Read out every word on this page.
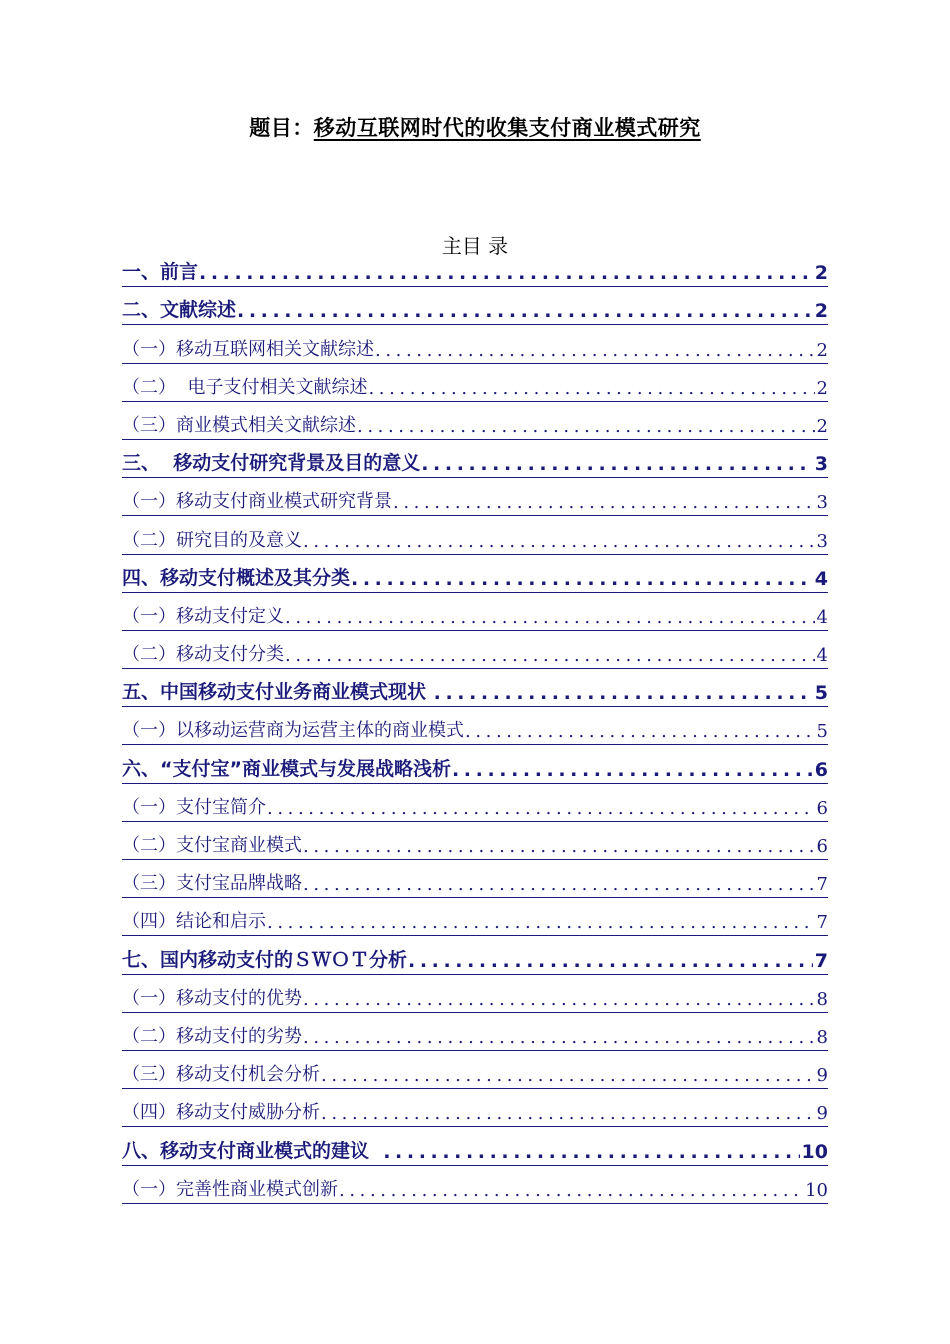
题目：移动互联网时代的收集支付商业模式研究
主目 录
一、前言 .....	2
二、文献综述 .....	2
（一）移动互联网相关文献综述 .....	2
（二）  电子支付相关文献综述 .....	2
（三）商业模式相关文献综述 .....	2
三、  移动支付研究背景及目的意义 .....	3
（一）移动支付商业模式研究背景 .....	3
（二）研究目的及意义 .....	3
四、移动支付概述及其分类 .....	4
（一）移动支付定义 .....	4
（二）移动支付分类 .....	4
五、中国移动支付业务商业模式现状 .....	5
（一）以移动运营商为运营主体的商业模式 .....	5
六、“支付宝”商业模式与发展战略浅析 .....	6
（一）支付宝简介 .....	6
（二）支付宝商业模式 .....	6
（三）支付宝品牌战略 .....	7
（四）结论和启示 .....	7
七、国内移动支付的ＳＷＯＴ分析 .....	7
（一）移动支付的优势 .....	8
（二）移动支付的劣势 .....	8
（三）移动支付机会分析 .....	9
（四）移动支付威胁分析 .....	9
八、移动支付商业模式的建议 .....	10
（一）完善性商业模式创新 .....	10
